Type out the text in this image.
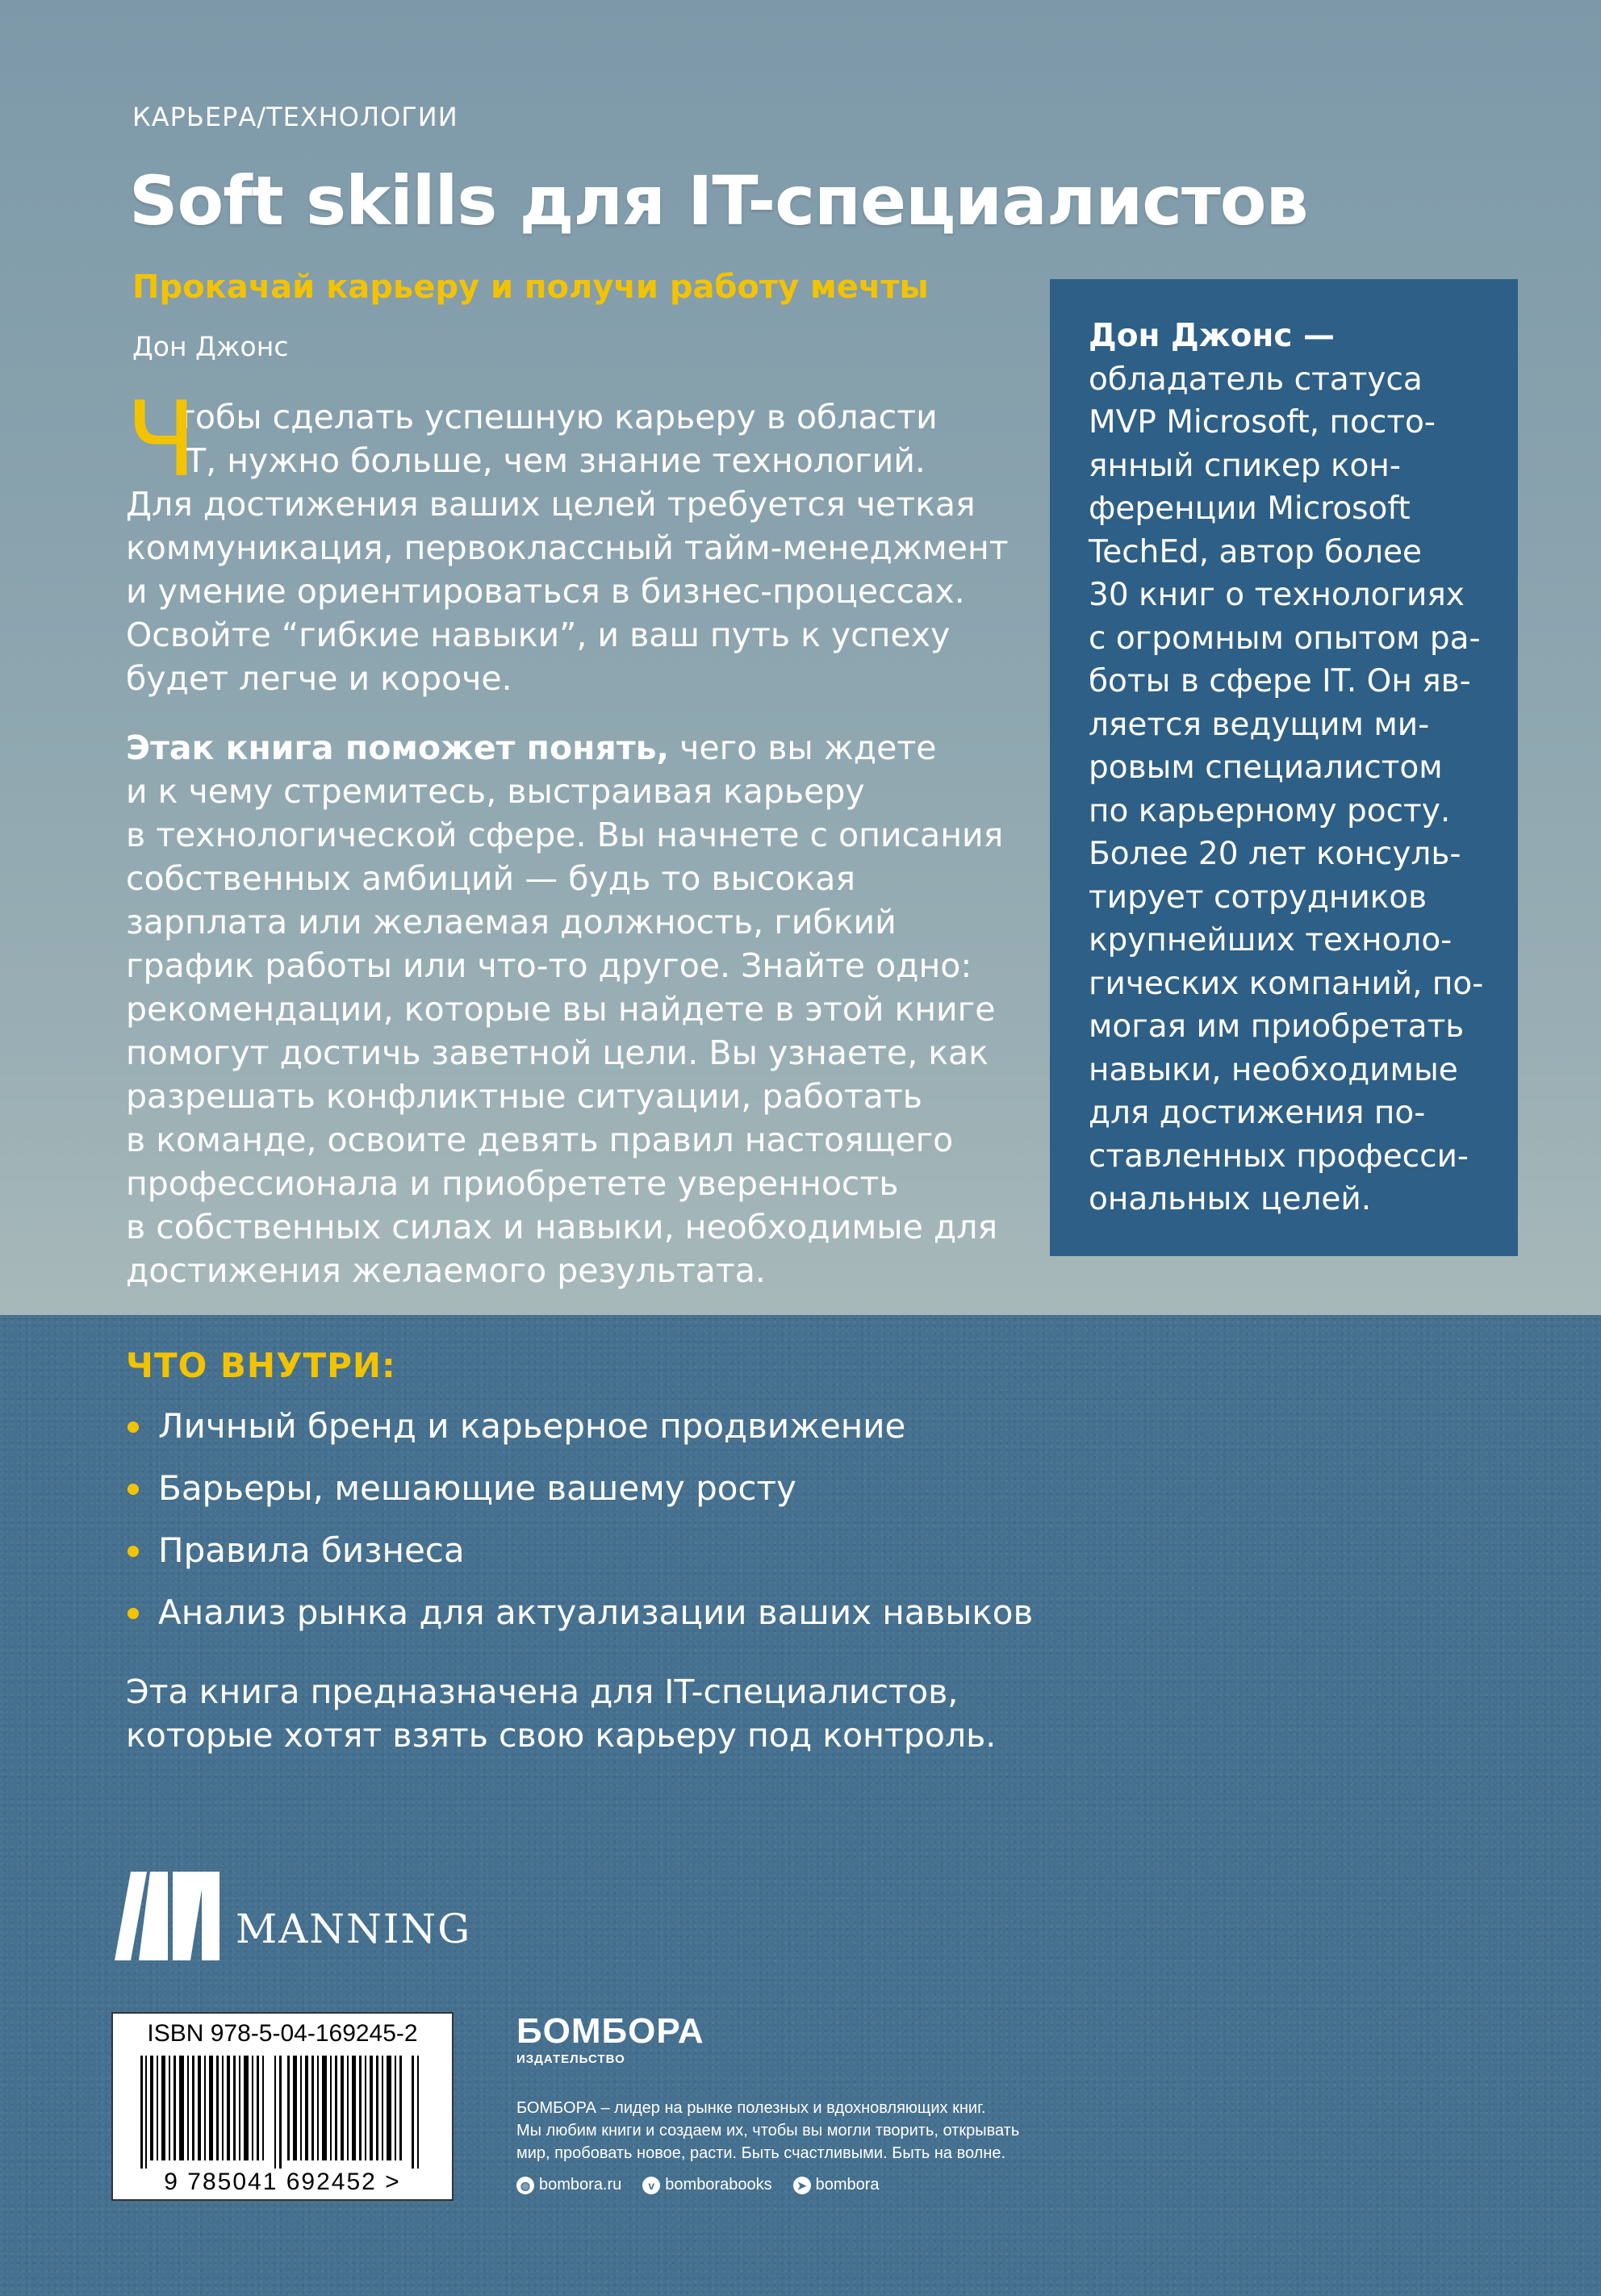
КАРЬЕРА/ТЕХНОЛОГИИ
Soft skills для IT-специалистов
Прокачай карьеру и получи работу мечты
Дон Джонс
Ч
тобы сделать успешную карьеру в области
IT, нужно больше, чем знание технологий.
Для достижения ваших целей требуется четкая
коммуникация, первоклассный тайм-менеджмент
и умение ориентироваться в бизнес-процессах.
Освойте “гибкие навыки”, и ваш путь к успеху
будет легче и короче.
Этак книга поможет понять, чего вы ждете
и к чему стремитесь, выстраивая карьеру
в технологической сфере. Вы начнете с описания
собственных амбиций — будь то высокая
зарплата или желаемая должность, гибкий
график работы или что-то другое. Знайте одно:
рекомендации, которые вы найдете в этой книге
помогут достичь заветной цели. Вы узнаете, как
разрешать конфликтные ситуации, работать
в команде, освоите девять правил настоящего
профессионала и приобретете уверенность
в собственных силах и навыки, необходимые для
достижения желаемого результата.
Дон Джонс —
обладатель статуса
MVP Microsoft, посто-
янный спикер кон-
ференции Microsoft
TechEd, автор более
30 книг о технологиях
с огромным опытом ра-
боты в сфере IT. Он яв-
ляется ведущим ми-
ровым специалистом
по карьерному росту.
Более 20 лет консуль-
тирует сотрудников
крупнейших техноло-
гических компаний, по-
могая им приобретать
навыки, необходимые
для достижения по-
ставленных професси-
ональных целей.
ЧТО ВНУТРИ:
Личный бренд и карьерное продвижение
Барьеры, мешающие вашему росту
Правила бизнеса
Анализ рынка для актуализации ваших навыков
Эта книга предназначена для IT-специалистов,
которые хотят взять свою карьеру под контроль.
MANNING
ISBN 978-5-04-169245-2
9 785041 692452 >
БОМБОРА
ИЗДАТЕЛЬСТВО
БОМБОРА – лидер на рынке полезных и вдохновляющих книг.
Мы любим книги и создаем их, чтобы вы могли творить, открывать
мир, пробовать новое, расти. Быть счастливыми. Быть на волне.
◍ bombora.ru	v bomborabooks	➤ bombora
